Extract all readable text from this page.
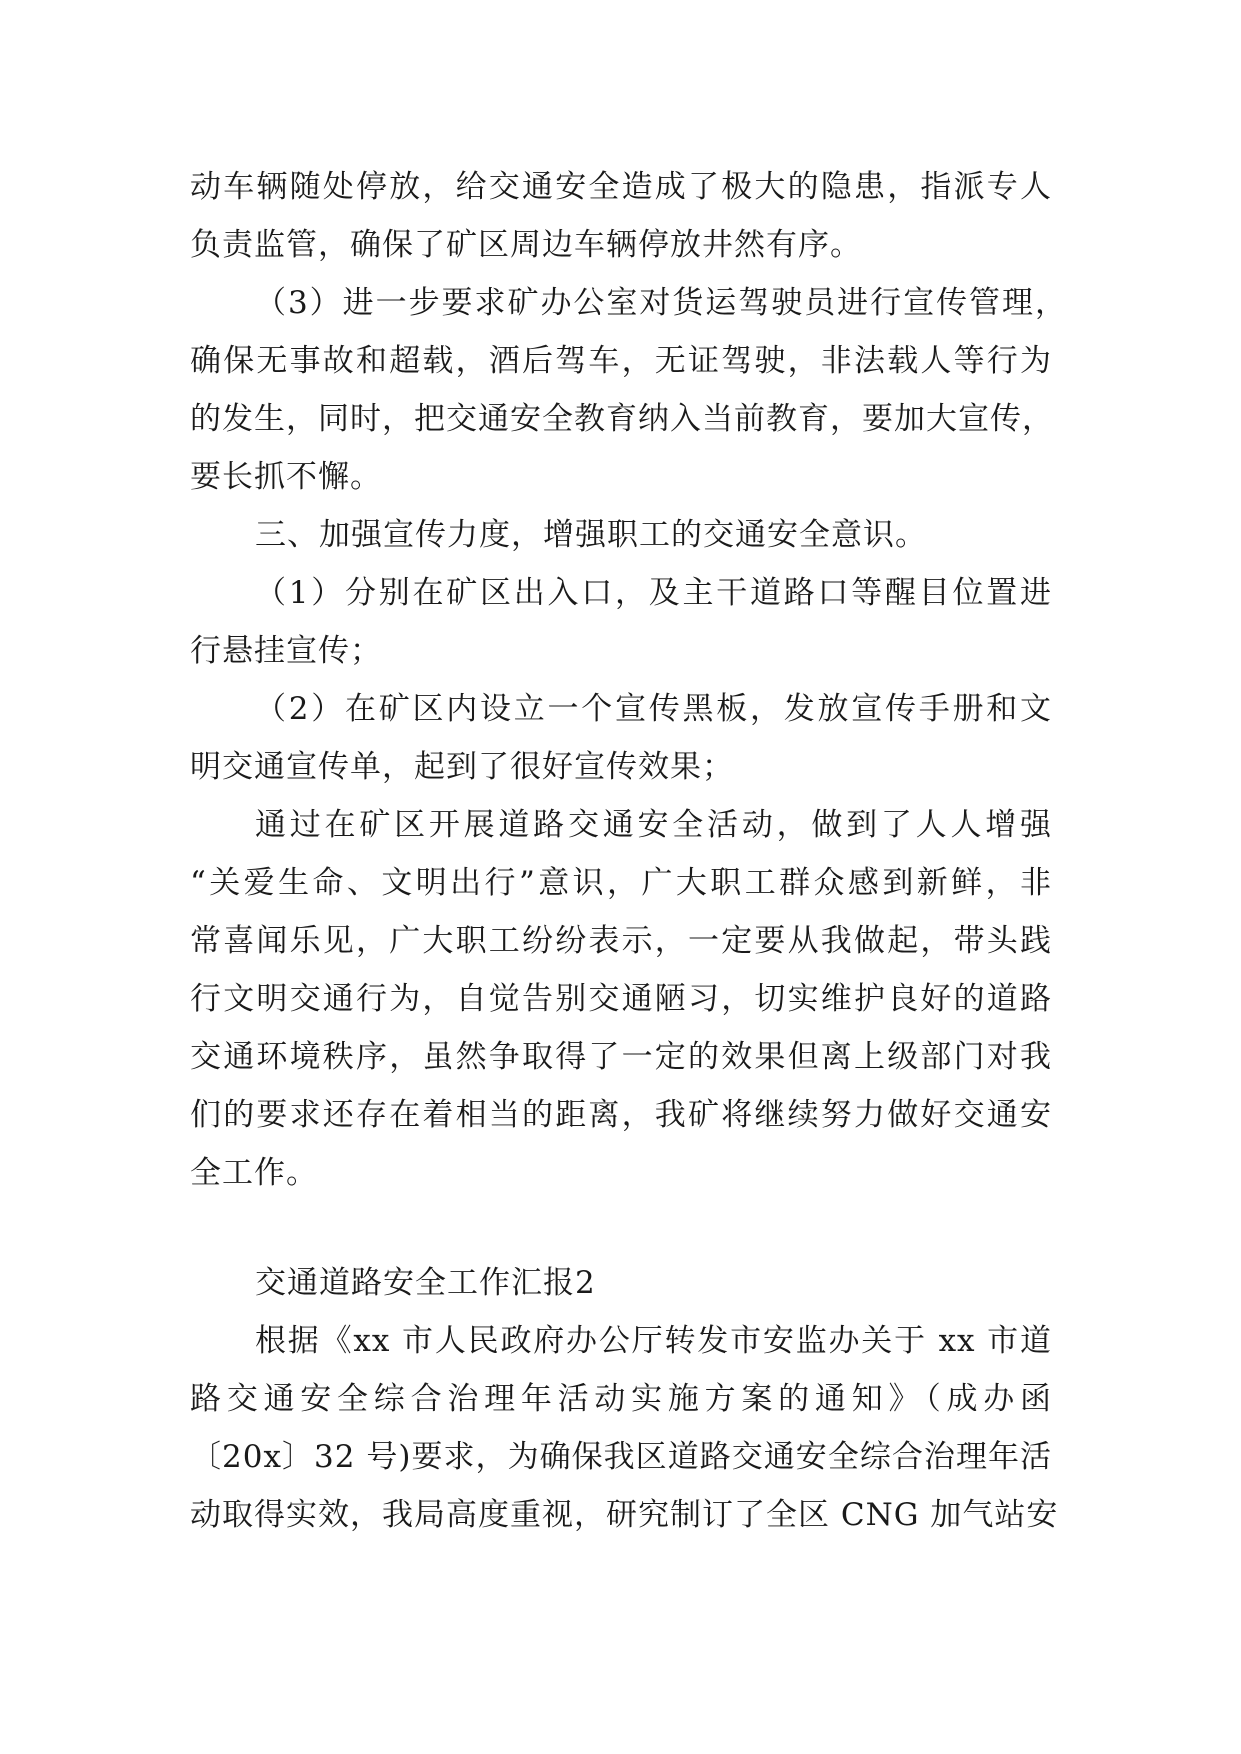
动车辆随处停放，给交通安全造成了极大的隐患，指派专人
负责监管，确保了矿区周边车辆停放井然有序。
（3）进一步要求矿办公室对货运驾驶员进行宣传管理，
确保无事故和超载，酒后驾车，无证驾驶，非法载人等行为
的发生，同时，把交通安全教育纳入当前教育，要加大宣传，
要长抓不懈。
三、加强宣传力度，增强职工的交通安全意识。
（1）分别在矿区出入口，及主干道路口等醒目位置进
行悬挂宣传；
（2）在矿区内设立一个宣传黑板，发放宣传手册和文
明交通宣传单，起到了很好宣传效果；
通过在矿区开展道路交通安全活动，做到了人人增强
“关爱生命、文明出行”意识，广大职工群众感到新鲜，非
常喜闻乐见，广大职工纷纷表示，一定要从我做起，带头践
行文明交通行为，自觉告别交通陋习，切实维护良好的道路
交通环境秩序，虽然争取得了一定的效果但离上级部门对我
们的要求还存在着相当的距离，我矿将继续努力做好交通安
全工作。
交通道路安全工作汇报2
根据《xx 市人民政府办公厅转发市安监办关于 xx 市道
路交通安全综合治理年活动实施方案的通知》（成办函
〔20x〕32 号)要求，为确保我区道路交通安全综合治理年活
动取得实效，我局高度重视，研究制订了全区 CNG 加气站安
